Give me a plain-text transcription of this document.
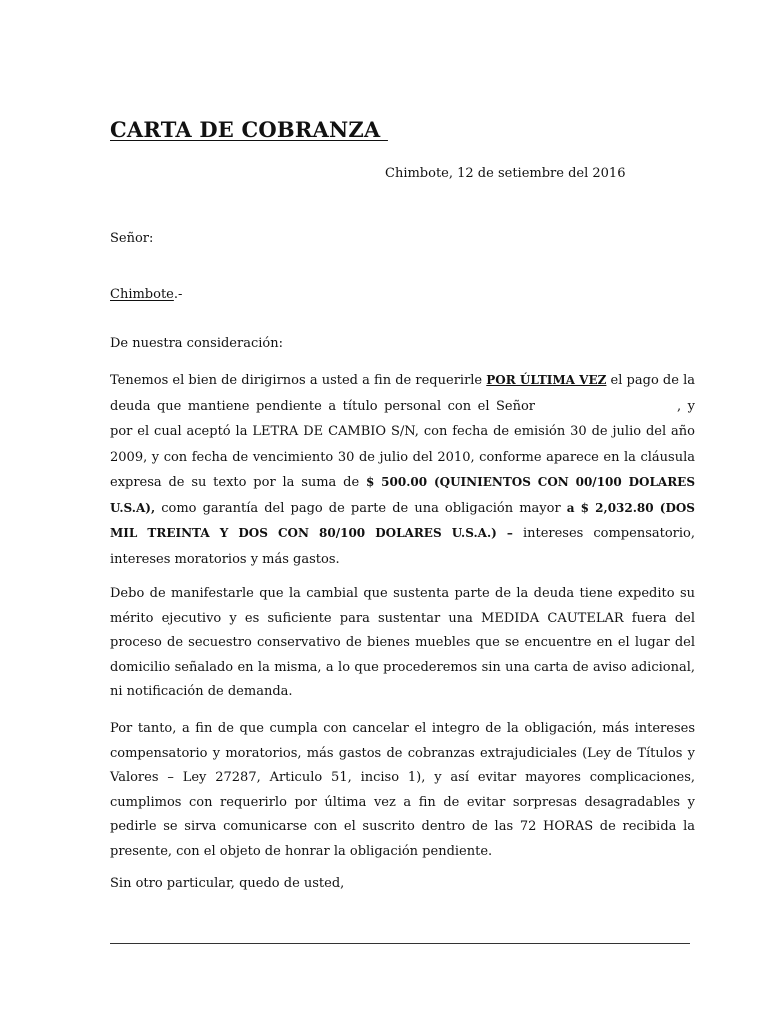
CARTA DE COBRANZA
Chimbote, 12 de setiembre del 2016
Señor:
Chimbote.-
De nuestra consideración:

Tenemos el bien de dirigirnos a usted a fin de requerirle POR ÚLTIMA VEZ el pago de la deuda que mantiene pendiente a título personal con el Señor	, y por el cual aceptó la LETRA DE CAMBIO S/N, con fecha de emisión 30 de julio del año 2009, y con fecha de vencimiento 30 de julio del 2010, conforme aparece en la cláusula expresa de su texto por la suma de $ 500.00 (QUINIENTOS CON 00/100 DOLARES U.S.A), como garantía del pago de parte de una obligación mayor a $ 2,032.80 (DOS MIL TREINTA Y DOS CON 80/100 DOLARES U.S.A.) – intereses compensatorio, intereses moratorios y más gastos.

Debo de manifestarle que la cambial que sustenta parte de la deuda tiene expedito su mérito ejecutivo y es suficiente para sustentar una MEDIDA CAUTELAR fuera del proceso de secuestro conservativo de bienes muebles que se encuentre en el lugar del domicilio señalado en la misma, a lo que procederemos sin una carta de aviso adicional, ni notificación de demanda.

Por tanto, a fin de que cumpla con cancelar el integro de la obligación, más intereses compensatorio y moratorios, más gastos de cobranzas extrajudiciales (Ley de Títulos y Valores – Ley 27287, Articulo 51, inciso 1), y así evitar mayores complicaciones, cumplimos con requerirlo por última vez a fin de evitar sorpresas desagradables y pedirle se sirva comunicarse con el suscrito dentro de las 72 HORAS de recibida la presente, con el objeto de honrar la obligación pendiente.

Sin otro particular, quedo de usted,
